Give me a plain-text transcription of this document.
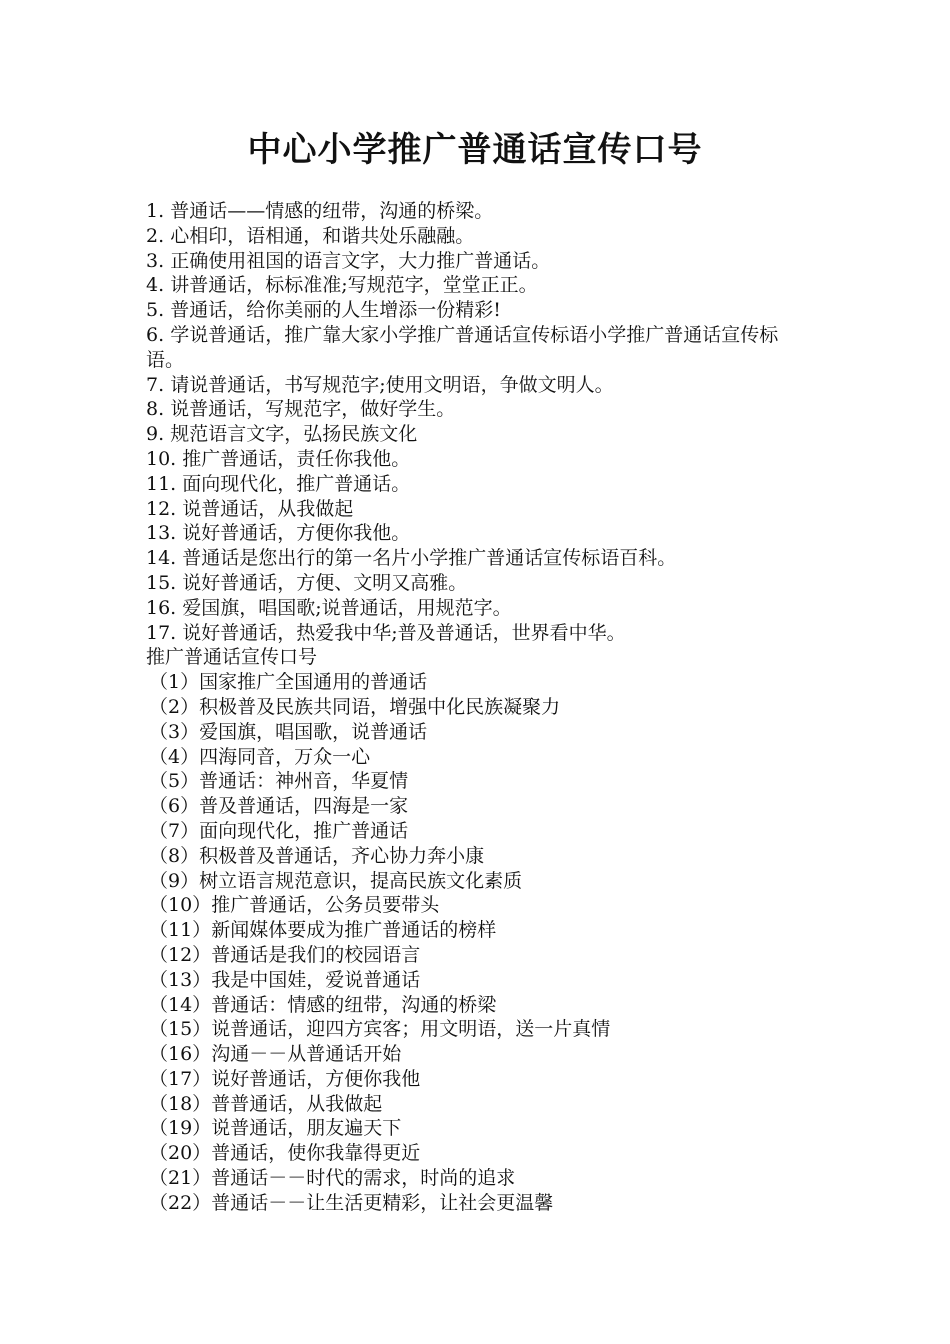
中心小学推广普通话宣传口号
1. 普通话——情感的纽带，沟通的桥梁。
2. 心相印，语相通，和谐共处乐融融。
3. 正确使用祖国的语言文字，大力推广普通话。
4. 讲普通话，标标准准;写规范字，堂堂正正。
5. 普通话，给你美丽的人生增添一份精彩!
6. 学说普通话，推广靠大家小学推广普通话宣传标语小学推广普通话宣传标语。
7. 请说普通话，书写规范字;使用文明语，争做文明人。
8. 说普通话，写规范字，做好学生。
9. 规范语言文字，弘扬民族文化
10. 推广普通话，责任你我他。
11. 面向现代化，推广普通话。
12. 说普通话，从我做起
13. 说好普通话，方便你我他。
14. 普通话是您出行的第一名片小学推广普通话宣传标语百科。
15. 说好普通话，方便、文明又高雅。
16. 爱国旗，唱国歌;说普通话，用规范字。
17. 说好普通话，热爱我中华;普及普通话，世界看中华。
推广普通话宣传口号
（1）国家推广全国通用的普通话
（2）积极普及民族共同语，增强中化民族凝聚力
（3）爱国旗，唱国歌，说普通话
（4）四海同音，万众一心
（5）普通话：神州音，华夏情
（6）普及普通话，四海是一家
（7）面向现代化，推广普通话
（8）积极普及普通话，齐心协力奔小康
（9）树立语言规范意识，提高民族文化素质
（10）推广普通话，公务员要带头
（11）新闻媒体要成为推广普通话的榜样
（12）普通话是我们的校园语言
（13）我是中国娃，爱说普通话
（14）普通话：情感的纽带，沟通的桥梁
（15）说普通话，迎四方宾客；用文明语，送一片真情
（16）沟通－－从普通话开始
（17）说好普通话，方便你我他
（18）普普通话，从我做起
（19）说普通话，朋友遍天下
（20）普通话，使你我靠得更近
（21）普通话－－时代的需求，时尚的追求
（22）普通话－－让生活更精彩，让社会更温馨
